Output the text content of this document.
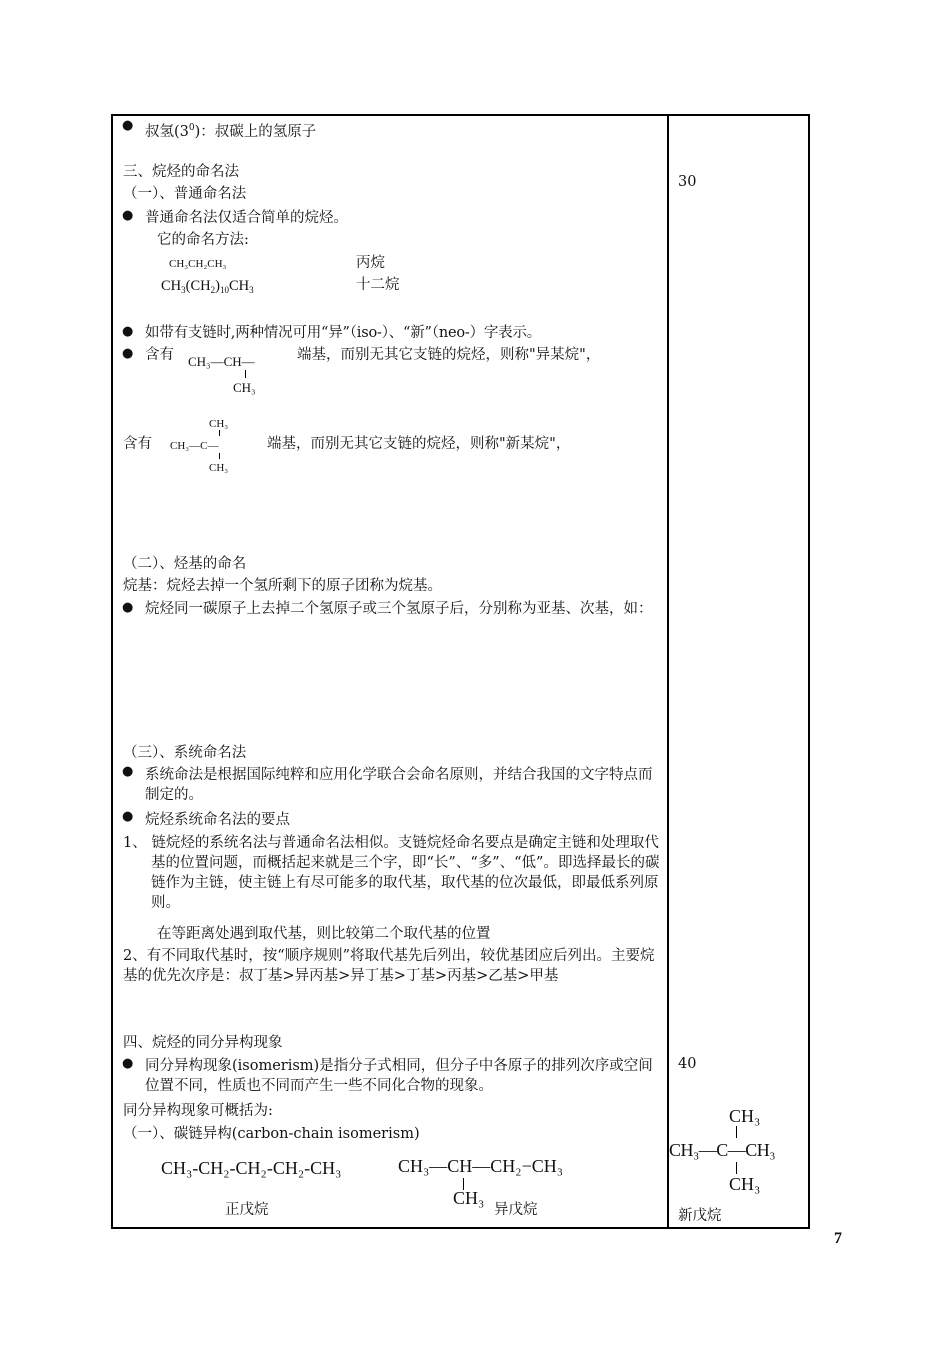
● 叔氢$(3^0)$：叔碳上的氢原子
三、烷烃的命名法
（一）、普通命名法
● 普通命名法仅适合简单的烷烃。
它的命名方法:
CH₃CH₂CH₃	丙烷
$CH_3(CH_2)_{10}CH_3$	十二烷
● 如带有支链时,两种情况可用“异”（iso-）、“新”（neo-）字表示。
● 含有 CH₃—CH—
CH₃
端基，而别无其它支链的烷烃，则称"异某烷"，
CH₃
含有 CH₃—C—
CH₃
端基，而别无其它支链的烷烃，则称"新某烷"，
（二）、烃基的命名
烷基：烷烃去掉一个氢所剩下的原子团称为烷基。
● 烷烃同一碳原子上去掉二个氢原子或三个氢原子后，分别称为亚基、次基，如：
（三）、系统命名法
● 系统命法是根据国际纯粹和应用化学联合会命名原则，并结合我国的文字特点而制定的。
● 烷烃系统命名法的要点
1、 链烷烃的系统名法与普通命名法相似。支链烷烃命名要点是确定主链和处理取代基的位置问题，而概括起来就是三个字，即“长”、“多”、“低”。即选择最长的碳链作为主链，使主链上有尽可能多的取代基，取代基的位次最低，即最低系列原则。
在等距离处遇到取代基，则比较第二个取代基的位置
2、有不同取代基时，按“顺序规则”将取代基先后列出，较优基团应后列出。主要烷基的优先次序是：叔丁基>异丙基>异丁基>丁基>丙基>乙基>甲基
四、烷烃的同分异构现象
● 同分异构现象(isomerism)是指分子式相同，但分子中各原子的排列次序或空间位置不同，性质也不同而产生一些不同化合物的现象。
同分异构现象可概括为:
（一）、碳链异构(carbon-chain isomerism)
CH₃-CH₂-CH₂-CH₂-CH₃
正戊烷
CH₃—CH—CH₂−CH₃
CH₃
异戊烷
30
40
CH₃
CH₃—C—CH₃
CH₃
新戊烷
7
